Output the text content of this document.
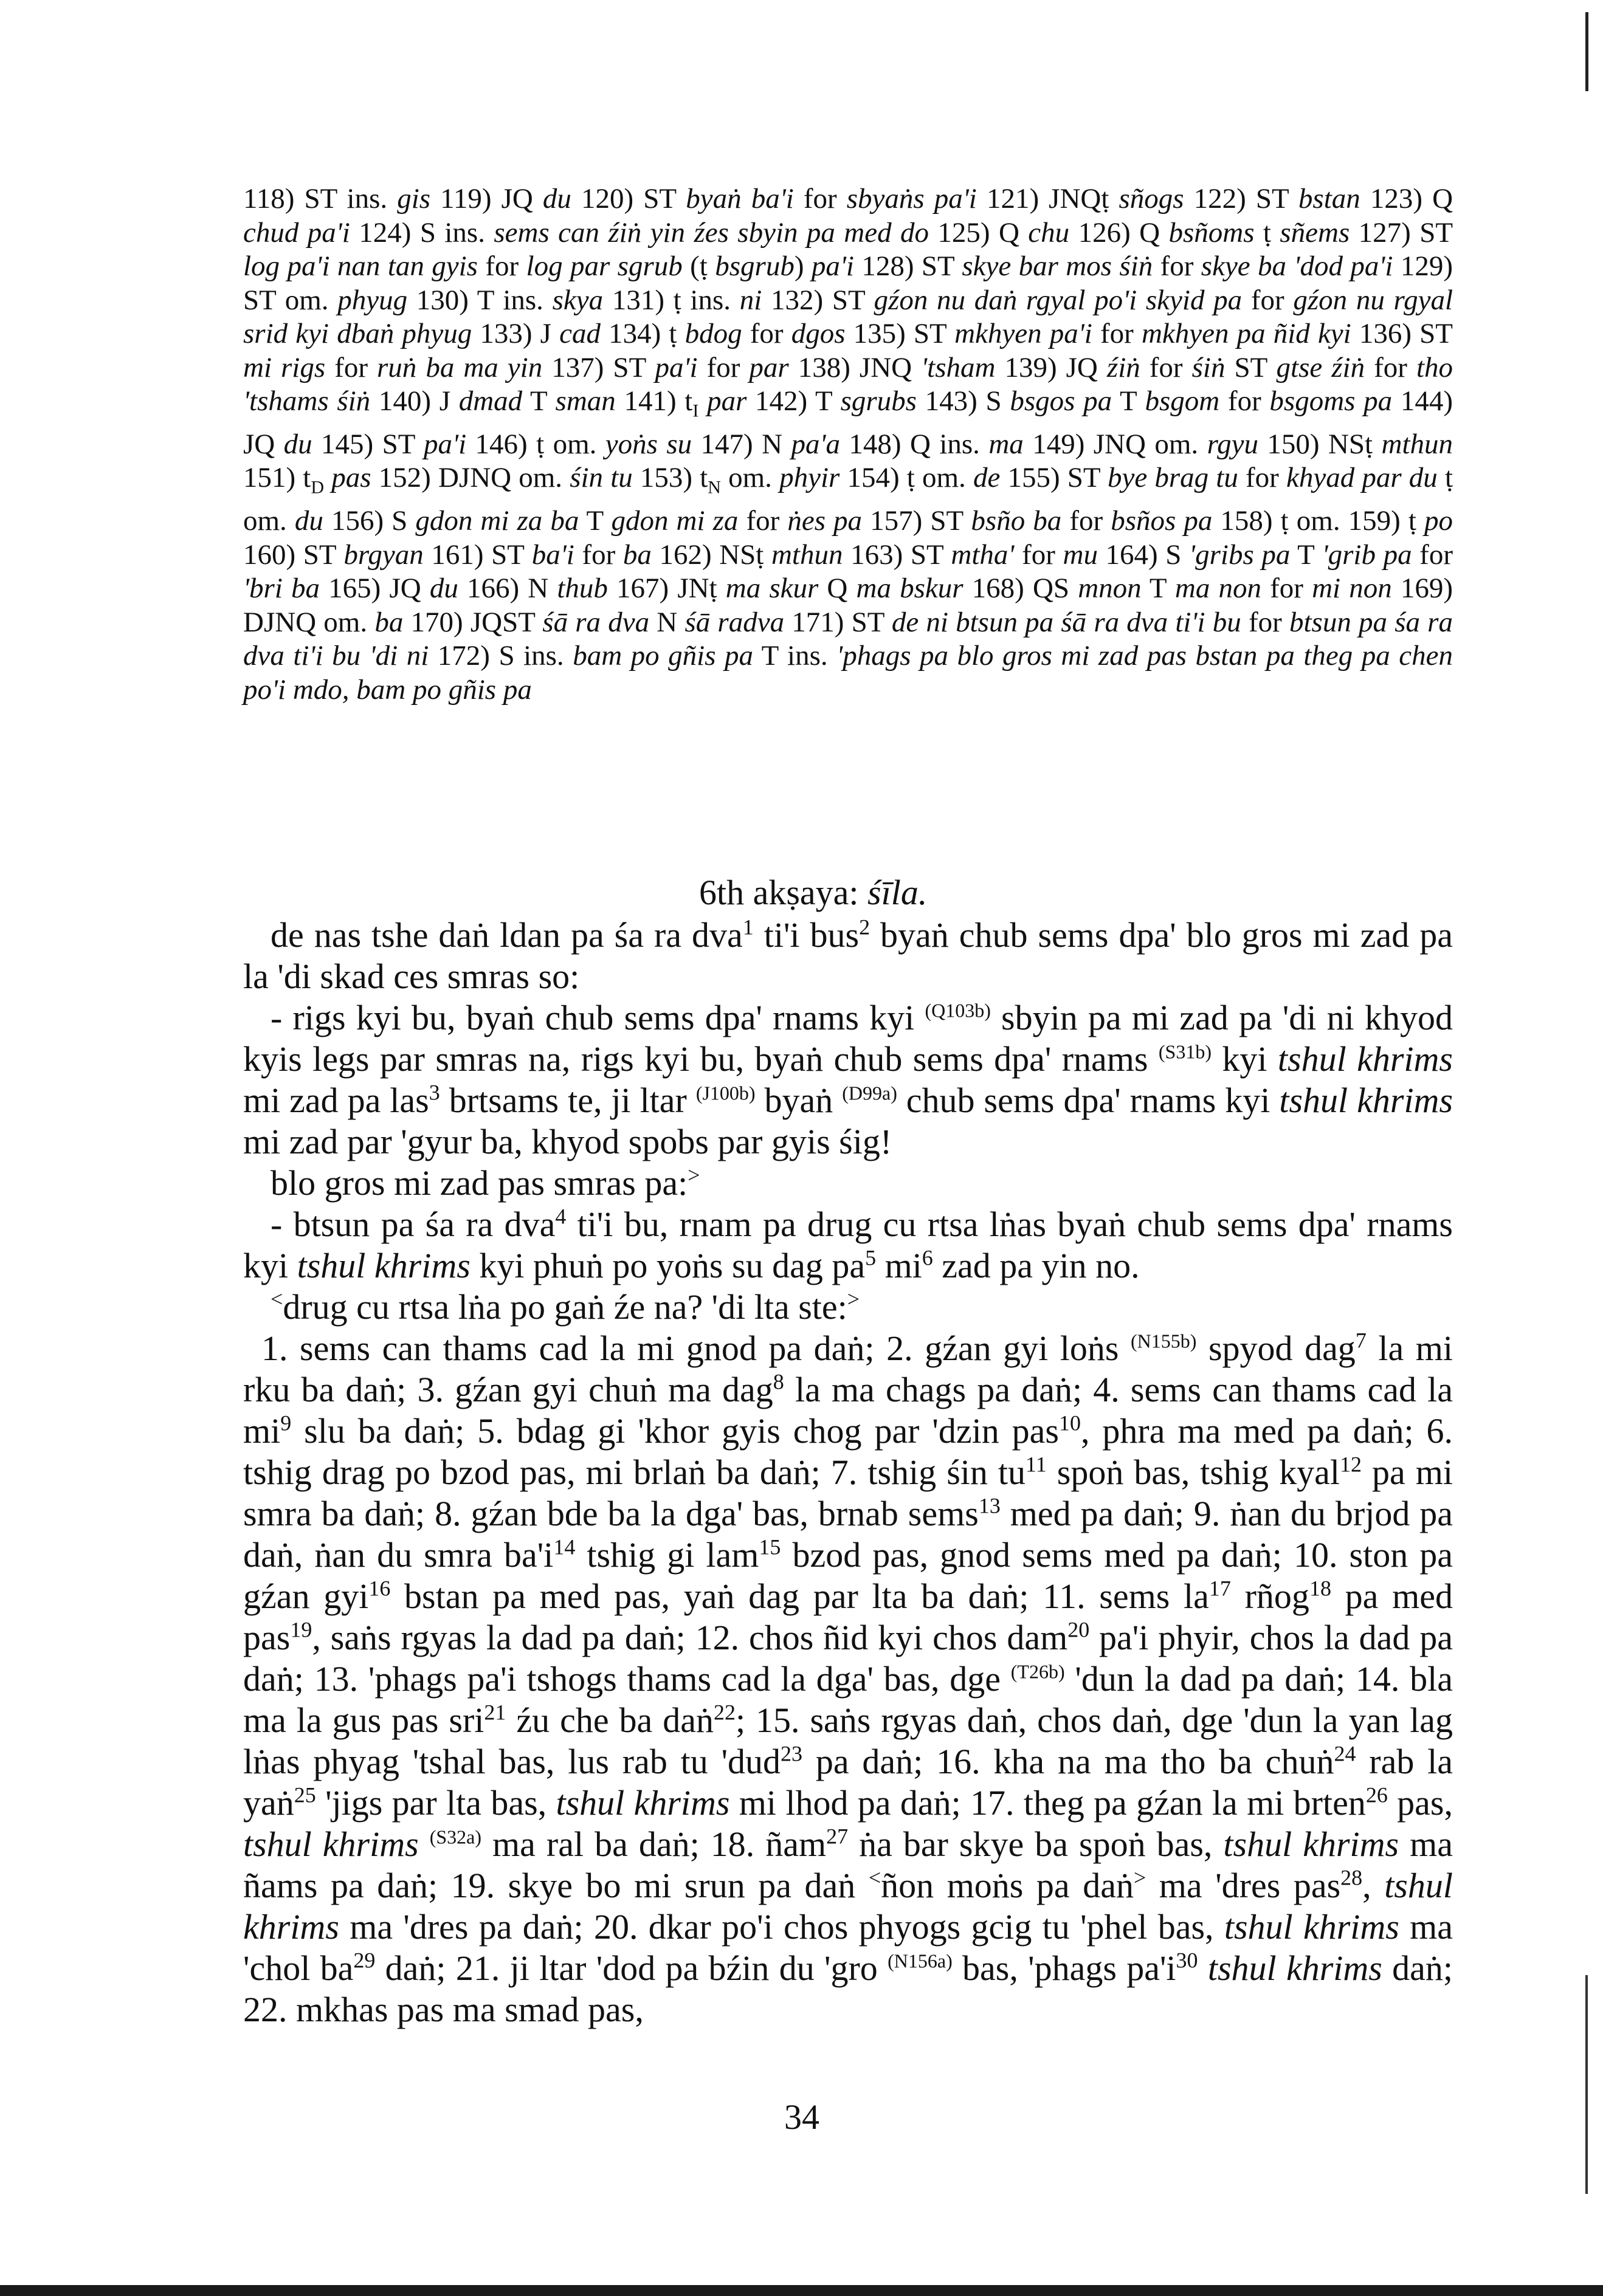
118) ST ins. gis 119) JQ du 120) ST byaṅ ba'i for sbyaṅs pa'i 121) JNQṭ sñogs 122) ST bstan 123) Q chud pa'i 124) S ins. sems can źiṅ yin źes sbyin pa med do 125) Q chu 126) Q bsñoms ṭ sñems 127) ST log pa'i nan tan gyis for log par sgrub (ṭ bsgrub) pa'i 128) ST skye bar mos śiṅ for skye ba 'dod pa'i 129) ST om. phyug 130) T ins. skya 131) ṭ ins. ni 132) ST gźon nu daṅ rgyal po'i skyid pa for gźon nu rgyal srid kyi dbaṅ phyug 133) J cad 134) ṭ bdog for dgos 135) ST mkhyen pa'i for mkhyen pa ñid kyi 136) ST mi rigs for ruṅ ba ma yin 137) ST pa'i for par 138) JNQ 'tsham 139) JQ źiṅ for śiṅ ST gtse źiṅ for tho 'tshams śiṅ 140) J dmad T sman 141) $t_I$ par 142) T sgrubs 143) S bsgos pa T bsgom for bsgoms pa 144) JQ du 145) ST pa'i 146) ṭ om. yoṅs su 147) N pa'a 148) Q ins. ma 149) JNQ om. rgyu 150) NSṭ mthun 151) $t_D$ pas 152) DJNQ om. śin tu 153) $t_N$ om. phyir 154) ṭ om. de 155) ST bye brag tu for khyad par du ṭ om. du 156) S gdon mi za ba T gdon mi za for ṅes pa 157) ST bsño ba for bsños pa 158) ṭ om. 159) ṭ po 160) ST brgyan 161) ST ba'i for ba 162) NSṭ mthun 163) ST mtha' for mu 164) S 'gribs pa T 'grib pa for 'bri ba 165) JQ du 166) N thub 167) JNṭ ma skur Q ma bskur 168) QS mnon T ma non for mi non 169) DJNQ om. ba 170) JQST śā ra dva N śā radva 171) ST de ni btsun pa śā ra dva ti'i bu for btsun pa śa ra dva ti'i bu 'di ni 172) S ins. bam po gñis pa T ins. 'phags pa blo gros mi zad pas bstan pa theg pa chen po'i mdo, bam po gñis pa
6th akṣaya: śīla.

de nas tshe daṅ ldan pa śa ra dva$^1$ ti'i bus$^2$ byaṅ chub sems dpa' blo gros mi zad pa la 'di skad ces smras so:

- rigs kyi bu, byaṅ chub sems dpa' rnams kyi $^{(Q103b)}$ sbyin pa mi zad pa 'di ni khyod kyis legs par smras na, rigs kyi bu, byaṅ chub sems dpa' rnams $^{(S31b)}$ kyi tshul khrims mi zad pa las$^3$ brtsams te, ji ltar $^{(J100b)}$ byaṅ $^{(D99a)}$ chub sems dpa' rnams kyi tshul khrims mi zad par 'gyur ba, khyod spobs par gyis śig!

blo gros mi zad pas smras pa:>

- btsun pa śa ra dva$^4$ ti'i bu, rnam pa drug cu rtsa lṅas byaṅ chub sems dpa' rnams kyi tshul khrims kyi phuṅ po yoṅs su dag $pa^5$ $mi^6$ zad pa yin no.

<drug cu rtsa lṅa po gaṅ źe na? 'di lta ste:>

1. sems can thams cad la mi gnod pa daṅ; 2. gźan gyi loṅs $^{(N155b)}$ spyod dag$^7$ la mi rku ba daṅ; 3. gźan gyi chuṅ ma dag$^8$ la ma chags pa daṅ; 4. sems can thams cad la $mi^9$ slu ba daṅ; 5. bdag gi 'khor gyis chog par 'dzin pas$^{10}$, phra ma med pa daṅ; 6. tshig drag po bzod pas, mi brlaṅ ba daṅ; 7. tshig śin $tu^{11}$ spoṅ bas, tshig kyal$^{12}$ pa mi smra ba daṅ; 8. gźan bde ba la dga' bas, brnab sems$^{13}$ med pa daṅ; 9. ṅan du brjod pa daṅ, ṅan du smra $ba'i^{14}$ tshig gi lam$^{15}$ bzod pas, gnod sems med pa daṅ; 10. ston pa gźan gyi$^{16}$ bstan pa med pas, yaṅ dag par lta ba daṅ; 11. sems $la^{17}$ rñog$^{18}$ pa med pas$^{19}$, saṅs rgyas la dad pa daṅ; 12. chos ñid kyi chos dam$^{20}$ pa'i phyir, chos la dad pa daṅ; 13. 'phags pa'i tshogs thams cad la dga' bas, dge $^{(T26b)}$ 'dun la dad pa daṅ; 14. bla ma la gus pas sri$^{21}$ źu che ba daṅ$^{22}$; 15. saṅs rgyas daṅ, chos daṅ, dge 'dun la yan lag lṅas phyag 'tshal bas, lus rab tu 'dud$^{23}$ pa daṅ; 16. kha na ma tho ba chuṅ$^{24}$ rab la yaṅ$^{25}$ 'jigs par lta bas, tshul khrims mi lhod pa daṅ; 17. theg pa gźan la mi brten$^{26}$ pas, tshul khrims $^{(S32a)}$ ma ral ba daṅ; 18. ñam$^{27}$ ṅa bar skye ba spoṅ bas, tshul khrims ma ñams pa daṅ; 19. skye bo mi srun pa daṅ <ñon moṅs pa daṅ> ma 'dres pas$^{28}$, tshul khrims ma 'dres pa daṅ; 20. dkar po'i chos phyogs gcig tu 'phel bas, tshul khrims ma 'chol $ba^{29}$ daṅ; 21. ji ltar 'dod pa bźin du 'gro $^{(N156a)}$ bas, 'phags $pa'i^{30}$ tshul khrims daṅ; 22. mkhas pas ma smad pas,

34
